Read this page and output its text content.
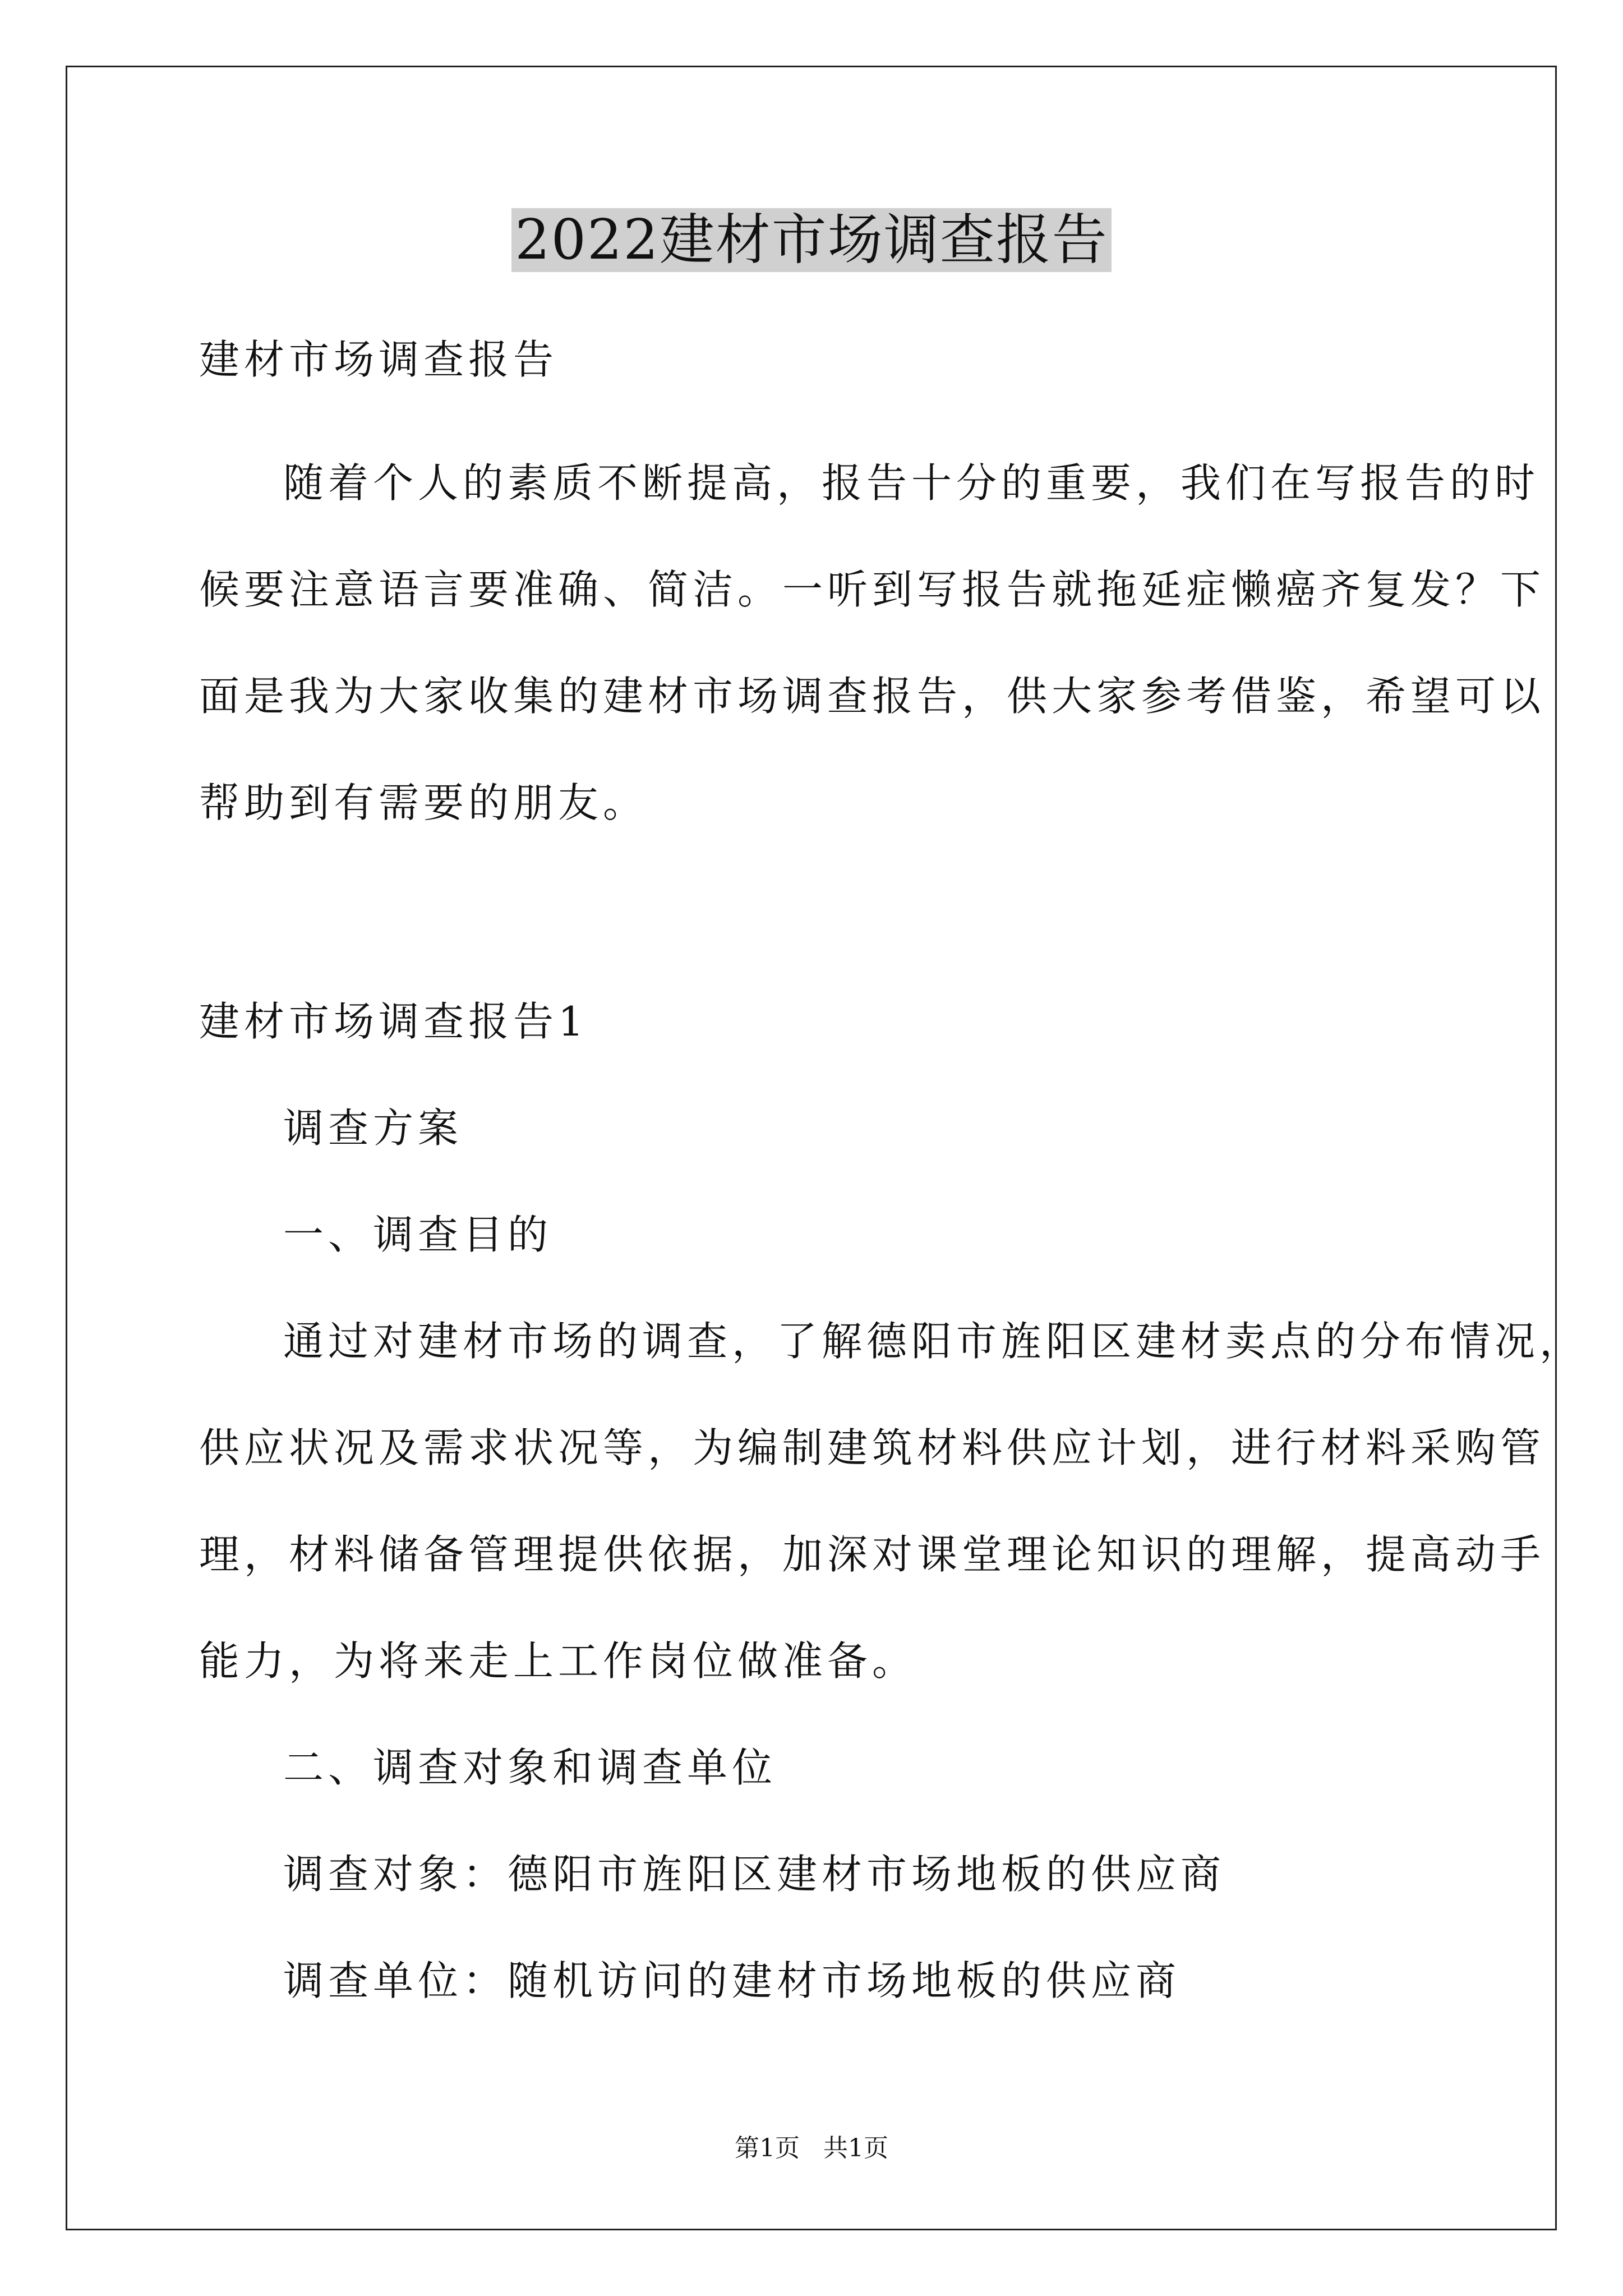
2022建材市场调查报告

建材市场调查报告

随着个人的素质不断提高，报告十分的重要，我们在写报告的时

候要注意语言要准确、简洁。一听到写报告就拖延症懒癌齐复发？下

面是我为大家收集的建材市场调查报告，供大家参考借鉴，希望可以

帮助到有需要的朋友。

建材市场调查报告1

调查方案

一、调查目的

通过对建材市场的调查，了解德阳市旌阳区建材卖点的分布情况，

供应状况及需求状况等，为编制建筑材料供应计划，进行材料采购管

理，材料储备管理提供依据，加深对课堂理论知识的理解，提高动手

能力，为将来走上工作岗位做准备。

二、调查对象和调查单位

调查对象：德阳市旌阳区建材市场地板的供应商

调查单位：随机访问的建材市场地板的供应商

第1页   共1页
